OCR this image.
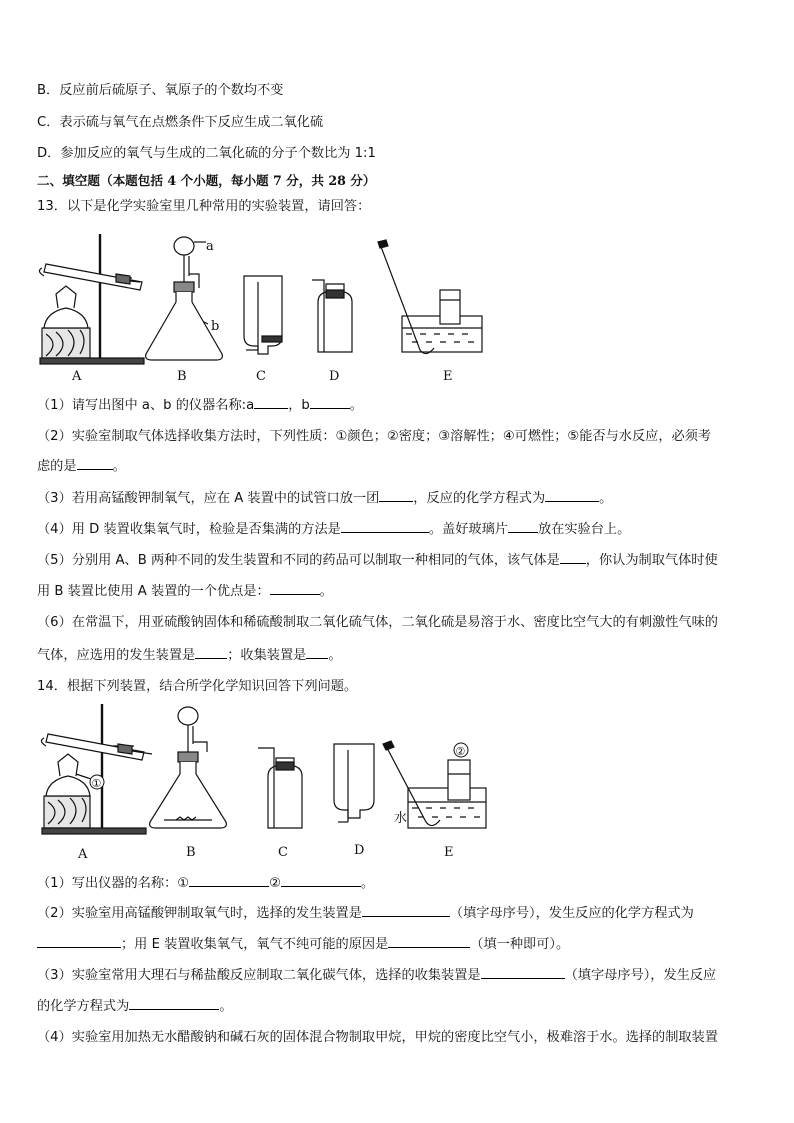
B．反应前后硫原子、氧原子的个数均不变
C．表示硫与氧气在点燃条件下反应生成二氧化硫
D．参加反应的氧气与生成的二氧化硫的分子个数比为 1:1
二、填空题（本题包括 4 个小题，每小题 7 分，共 28 分）
13．以下是化学实验室里几种常用的实验装置，请回答：
a
b
A	B	C	D	E
（1）请写出图中 a、b 的仪器名称:a	，b	。
（2）实验室制取气体选择收集方法时，下列性质：①颜色；②密度；③溶解性；④可燃性；⑤能否与水反应，必须考
虑的是	。
（3）若用高锰酸钾制氧气，应在 A 装置中的试管口放一团	，反应的化学方程式为	。
（4）用 D 装置收集氧气时，检验是否集满的方法是	。盖好玻璃片 放在实验台上。
（5）分别用 A、B 两种不同的发生装置和不同的药品可以制取一种相同的气体，该气体是 ，你认为制取气体时使
用 B 装置比使用 A 装置的一个优点是：	。
（6）在常温下，用亚硫酸钠固体和稀硫酸制取二氧化硫气体，二氧化硫是易溶于水、密度比空气大的有刺激性气味的
气体，应选用的发生装置是 ；收集装置是 。
14．根据下列装置，结合所学化学知识回答下列问题。
①
②
水
A	B	C	D	E
（1）写出仪器的名称：①	②	。
（2）实验室用高锰酸钾制取氧气时，选择的发生装置是	（填字母序号），发生反应的化学方程式为
；用 E 装置收集氧气，氧气不纯可能的原因是	（填一种即可）。
（3）实验室常用大理石与稀盐酸反应制取二氧化碳气体，选择的收集装置是	（填字母序号），发生反应
的化学方程式为	。
（4）实验室用加热无水醋酸钠和碱石灰的固体混合物制取甲烷，甲烷的密度比空气小，极难溶于水。选择的制取装置
